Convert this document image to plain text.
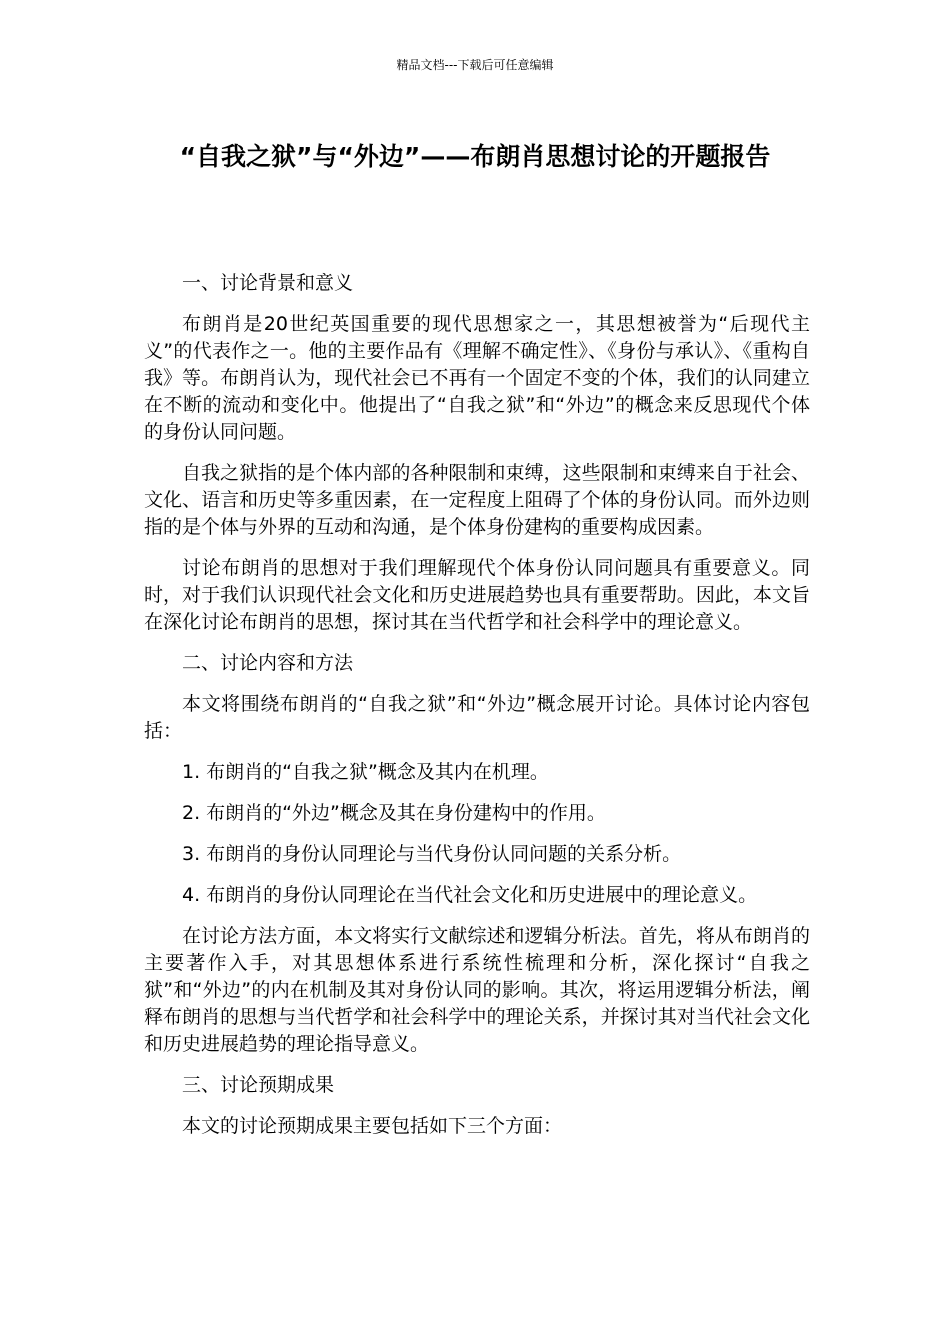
精品文档---下载后可任意编辑
“自我之狱”与“外边”——布朗肖思想讨论的开题报告

一、讨论背景和意义

布朗肖是20世纪英国重要的现代思想家之一，其思想被誉为“后现代主义”的代表作之一。他的主要作品有《理解不确定性》、《身份与承认》、《重构自我》等。布朗肖认为，现代社会已不再有一个固定不变的个体，我们的认同建立在不断的流动和变化中。他提出了“自我之狱”和“外边”的概念来反思现代个体的身份认同问题。

自我之狱指的是个体内部的各种限制和束缚，这些限制和束缚来自于社会、文化、语言和历史等多重因素，在一定程度上阻碍了个体的身份认同。而外边则指的是个体与外界的互动和沟通，是个体身份建构的重要构成因素。

讨论布朗肖的思想对于我们理解现代个体身份认同问题具有重要意义。同时，对于我们认识现代社会文化和历史进展趋势也具有重要帮助。因此，本文旨在深化讨论布朗肖的思想，探讨其在当代哲学和社会科学中的理论意义。

二、讨论内容和方法

本文将围绕布朗肖的“自我之狱”和“外边”概念展开讨论。具体讨论内容包括：

1. 布朗肖的“自我之狱”概念及其内在机理。

2. 布朗肖的“外边”概念及其在身份建构中的作用。

3. 布朗肖的身份认同理论与当代身份认同问题的关系分析。

4. 布朗肖的身份认同理论在当代社会文化和历史进展中的理论意义。

在讨论方法方面，本文将实行文献综述和逻辑分析法。首先，将从布朗肖的主要著作入手，对其思想体系进行系统性梳理和分析，深化探讨“自我之狱”和“外边”的内在机制及其对身份认同的影响。其次，将运用逻辑分析法，阐释布朗肖的思想与当代哲学和社会科学中的理论关系，并探讨其对当代社会文化和历史进展趋势的理论指导意义。

三、讨论预期成果

本文的讨论预期成果主要包括如下三个方面：
